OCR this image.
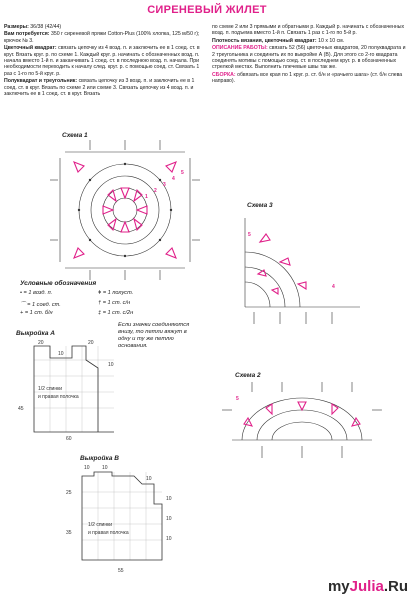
СИРЕНЕВЫЙ ЖИЛЕТ

Размеры: 36/38 (42/44)

Вам потребуется: 350 г сиреневой пряжи Cotton-Plus (100% хлопка, 125 м/50 г); крючок № 3.

Цветочный квадрат: связать цепочку из 4 возд. п. и заключить ее в 1 соед. ст. в круг. Вязать круг. р. по схеме 1. Каждый круг. р. начинать с обозначенных возд. п. начала вместо 1-й п. и заканчивать 1 соед. ст. в последнюю возд. п. начала. При необходимости переходить к началу след. круг. р. с помощью соед. ст. Связать 1 раз с 1-го по 5-й круг. р.

Полуквадрат и треугольник: связать цепочку из 3 возд. п. и заключить ее в 1 соед. ст. в круг. Вязать по схеме 2 или схеме 3. Связать цепочку из 4 возд. п. и заключить ее в 1 соед. ст. в круг. Вязать

по схеме 2 или 3 прямыми и обратными р. Каждый р. начинать с обозначенных возд. п. подъема вместо 1-й п. Связать 1 раз с 1-го по 5-й р.

Плотность вязания, цветочный квадрат: 10 х 10 см.

ОПИСАНИЕ РАБОТЫ: связать 52 (56) цветочных квадратов, 20 полуквадрата и 2 треугольника и соединить их по выкройке А (В). Для этого со 2-го квадрата соединять мотивы с помощью соед. ст. в последнем круг. р. в обозначенных стрелкой местах. Выполнить плечевые швы так же.

СБОРКА: обвязать все края по 1 круг. р. ст. б/н и «рачьего шага» (ст. б/н слева направо).

Схема 1
1
2
3
4
5
Схема 3
5
4
Условные обозначения
• = 1 возд. п.
⌒ = 1 соед. ст.
+ = 1 ст. б/н
ǂ = 1 полуст.
† = 1 ст. с/н
‡ = 1 ст. с/2н
Если значки соединяются внизу, то петли вяжут в одну и ту же петлю основания.
Выкройка А
20
10
20
45
10
60
1/2 спинки
и правая полочка
Схема 2
5
Выкройка В
10 10
10
25
10
10
35
10
55
1/2 спинки
и правая полочка
myJulia.Ru
